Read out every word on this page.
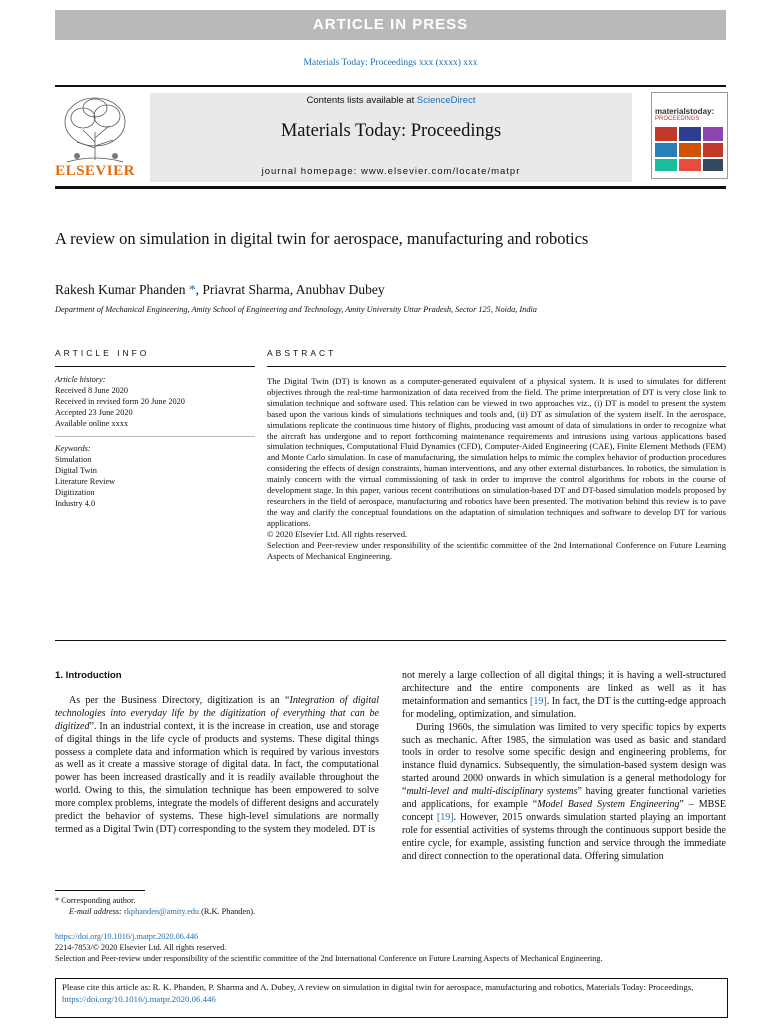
ARTICLE IN PRESS
Materials Today: Proceedings xxx (xxxx) xxx
ELSEVIER
Contents lists available at ScienceDirect
Materials Today: Proceedings
journal homepage: www.elsevier.com/locate/matpr
materialstoday:
PROCEEDINGS
A review on simulation in digital twin for aerospace, manufacturing and robotics
Rakesh Kumar Phanden *, Priavrat Sharma, Anubhav Dubey
Department of Mechanical Engineering, Amity School of Engineering and Technology, Amity University Uttar Pradesh, Sector 125, Noida, India
ARTICLE INFO	ABSTRACT
Article history:
Received 8 June 2020
Received in revised form 20 June 2020
Accepted 23 June 2020
Available online xxxx
Keywords:
Simulation
Digital Twin
Literature Review
Digitization
Industry 4.0

The Digital Twin (DT) is known as a computer-generated equivalent of a physical system. It is used to simulates for different objectives through the real-time harmonization of data received from the field. The prime interpretation of DT is very close link to simulation technique and software used. This relation can be viewed in two approaches viz., (i) DT is model to present the system based upon the various kinds of simulations techniques and tools and, (ii) DT as simulation of the system itself. In the aerospace, simulations replicate the continuous time history of flights, producing vast amount of data of simulations in order to recognize what the aircraft has undergone and to report forthcoming maintenance requirements and intrusions using various applications based simulation techniques, Computational Fluid Dynamics (CFD), Computer-Aided Engineering (CAE), Finite Element Methods (FEM) and Monte Carlo simulation. In case of manufacturing, the simulation helps to mimic the complex behavior of production procedures considering the effects of design constraints, human interventions, and any other external disturbances. In robotics, the simulation is mainly concern with the virtual commissioning of task in order to improve the control algorithms for robots in the course of development stage. In this paper, various recent contributions on simulation-based DT and DT-based simulation models proposed by researchers in the field of aerospace, manufacturing and robotics have been presented. The motivation behind this review is to pave the way and clarify the conceptual foundations on the adaptation of simulation techniques and software to develop DT for various applications.

© 2020 Elsevier Ltd. All rights reserved.

Selection and Peer-review under responsibility of the scientific committee of the 2nd International Conference on Future Learning Aspects of Mechanical Engineering.

1. Introduction

As per the Business Directory, digitization is an “Integration of digital technologies into everyday life by the digitization of everything that can be digitized”. In an industrial context, it is the increase in creation, use and storage of digital things in the life cycle of products and systems. These digital things possess a complete data and information which is required by various investors as well as it create a massive storage of digital data. In fact, the computational power has been increased drastically and it is readily available throughout the world. Owing to this, the simulation technique has been empowered to solve more complex problems, integrate the models of different designs and accurately predict the behavior of systems. These high-level simulations are normally termed as a Digital Twin (DT) corresponding to the system they modeled. DT is

not merely a large collection of all digital things; it is having a well-structured architecture and the entire components are linked as well as it has metainformation and semantics [19]. In fact, the DT is the cutting-edge approach for modeling, optimization, and simulation.

During 1960s, the simulation was limited to very specific topics by experts such as mechanic. After 1985, the simulation was used as basic and standard tools in order to resolve some specific design and engineering problems, for instance fluid dynamics. Subsequently, the simulation-based system design was started around 2000 onwards in which simulation is a general methodology for “multi-level and multi-disciplinary systems” having greater functional varieties and applications, for example “Model Based System Engineering” – MBSE concept [19]. However, 2015 onwards simulation started playing an important role for essential activities of systems through the continuous support beside the entire cycle, for example, assisting function and service through the immediate and direct connection to the operational data. Offering simulation

* Corresponding author.
E-mail address: rkphanden@amity.edu (R.K. Phanden).
https://doi.org/10.1016/j.matpr.2020.06.446
2214-7853/© 2020 Elsevier Ltd. All rights reserved.
Selection and Peer-review under responsibility of the scientific committee of the 2nd International Conference on Future Learning Aspects of Mechanical Engineering.
Please cite this article as: R. K. Phanden, P. Sharma and A. Dubey, A review on simulation in digital twin for aerospace, manufacturing and robotics, Materials Today: Proceedings, https://doi.org/10.1016/j.matpr.2020.06.446
